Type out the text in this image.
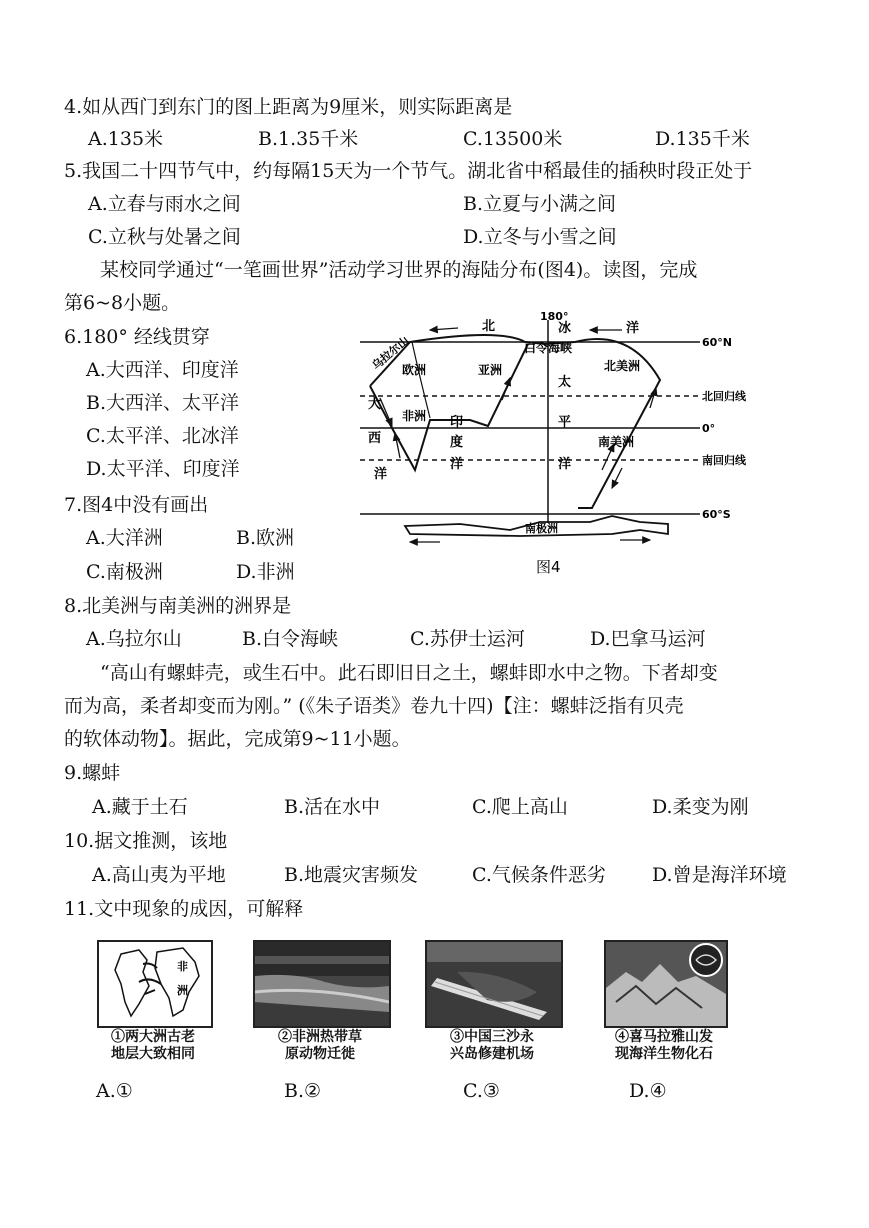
4.如从西门到东门的图上距离为9厘米，则实际距离是
A.135米	B.1.35千米	C.13500米	D.135千米
5.我国二十四节气中，约每隔15天为一个节气。湖北省中稻最佳的插秧时段正处于
A.立春与雨水之间	B.立夏与小满之间
C.立秋与处暑之间	D.立冬与小雪之间
某校同学通过“一笔画世界”活动学习世界的海陆分布(图4)。读图，完成
第6~8小题。
6.180° 经线贯穿
A.大西洋、印度洋
B.大西洋、太平洋
C.太平洋、北冰洋
D.太平洋、印度洋
7.图4中没有画出
A.大洋洲	B.欧洲
C.南极洲	D.非洲
180°
60°N
北回归线
0°
南回归线
60°S
北	冰	洋
白令海峡
乌拉尔山
欧洲	亚洲
非洲
北美洲
南美洲
南极洲
大
西
洋
印
度
洋
太
平
洋
图4
8.北美洲与南美洲的洲界是
A.乌拉尔山	B.白令海峡	C.苏伊士运河	D.巴拿马运河
“高山有螺蚌壳，或生石中。此石即旧日之土，螺蚌即水中之物。下者却变
而为高，柔者却变而为刚。” (《朱子语类》卷九十四)【注：螺蚌泛指有贝壳
的软体动物】。据此，完成第9~11小题。
9.螺蚌
A.藏于土石	B.活在水中	C.爬上高山	D.柔变为刚
10.据文推测，该地
A.高山夷为平地	B.地震灾害频发	C.气候条件恶劣 D.曾是海洋环境
11.文中现象的成因，可解释
非
洲
①两大洲古老
地层大致相同
②非洲热带草
原动物迁徙
③中国三沙永
兴岛修建机场
④喜马拉雅山发
现海洋生物化石
A.①	B.②	C.③	D.④
